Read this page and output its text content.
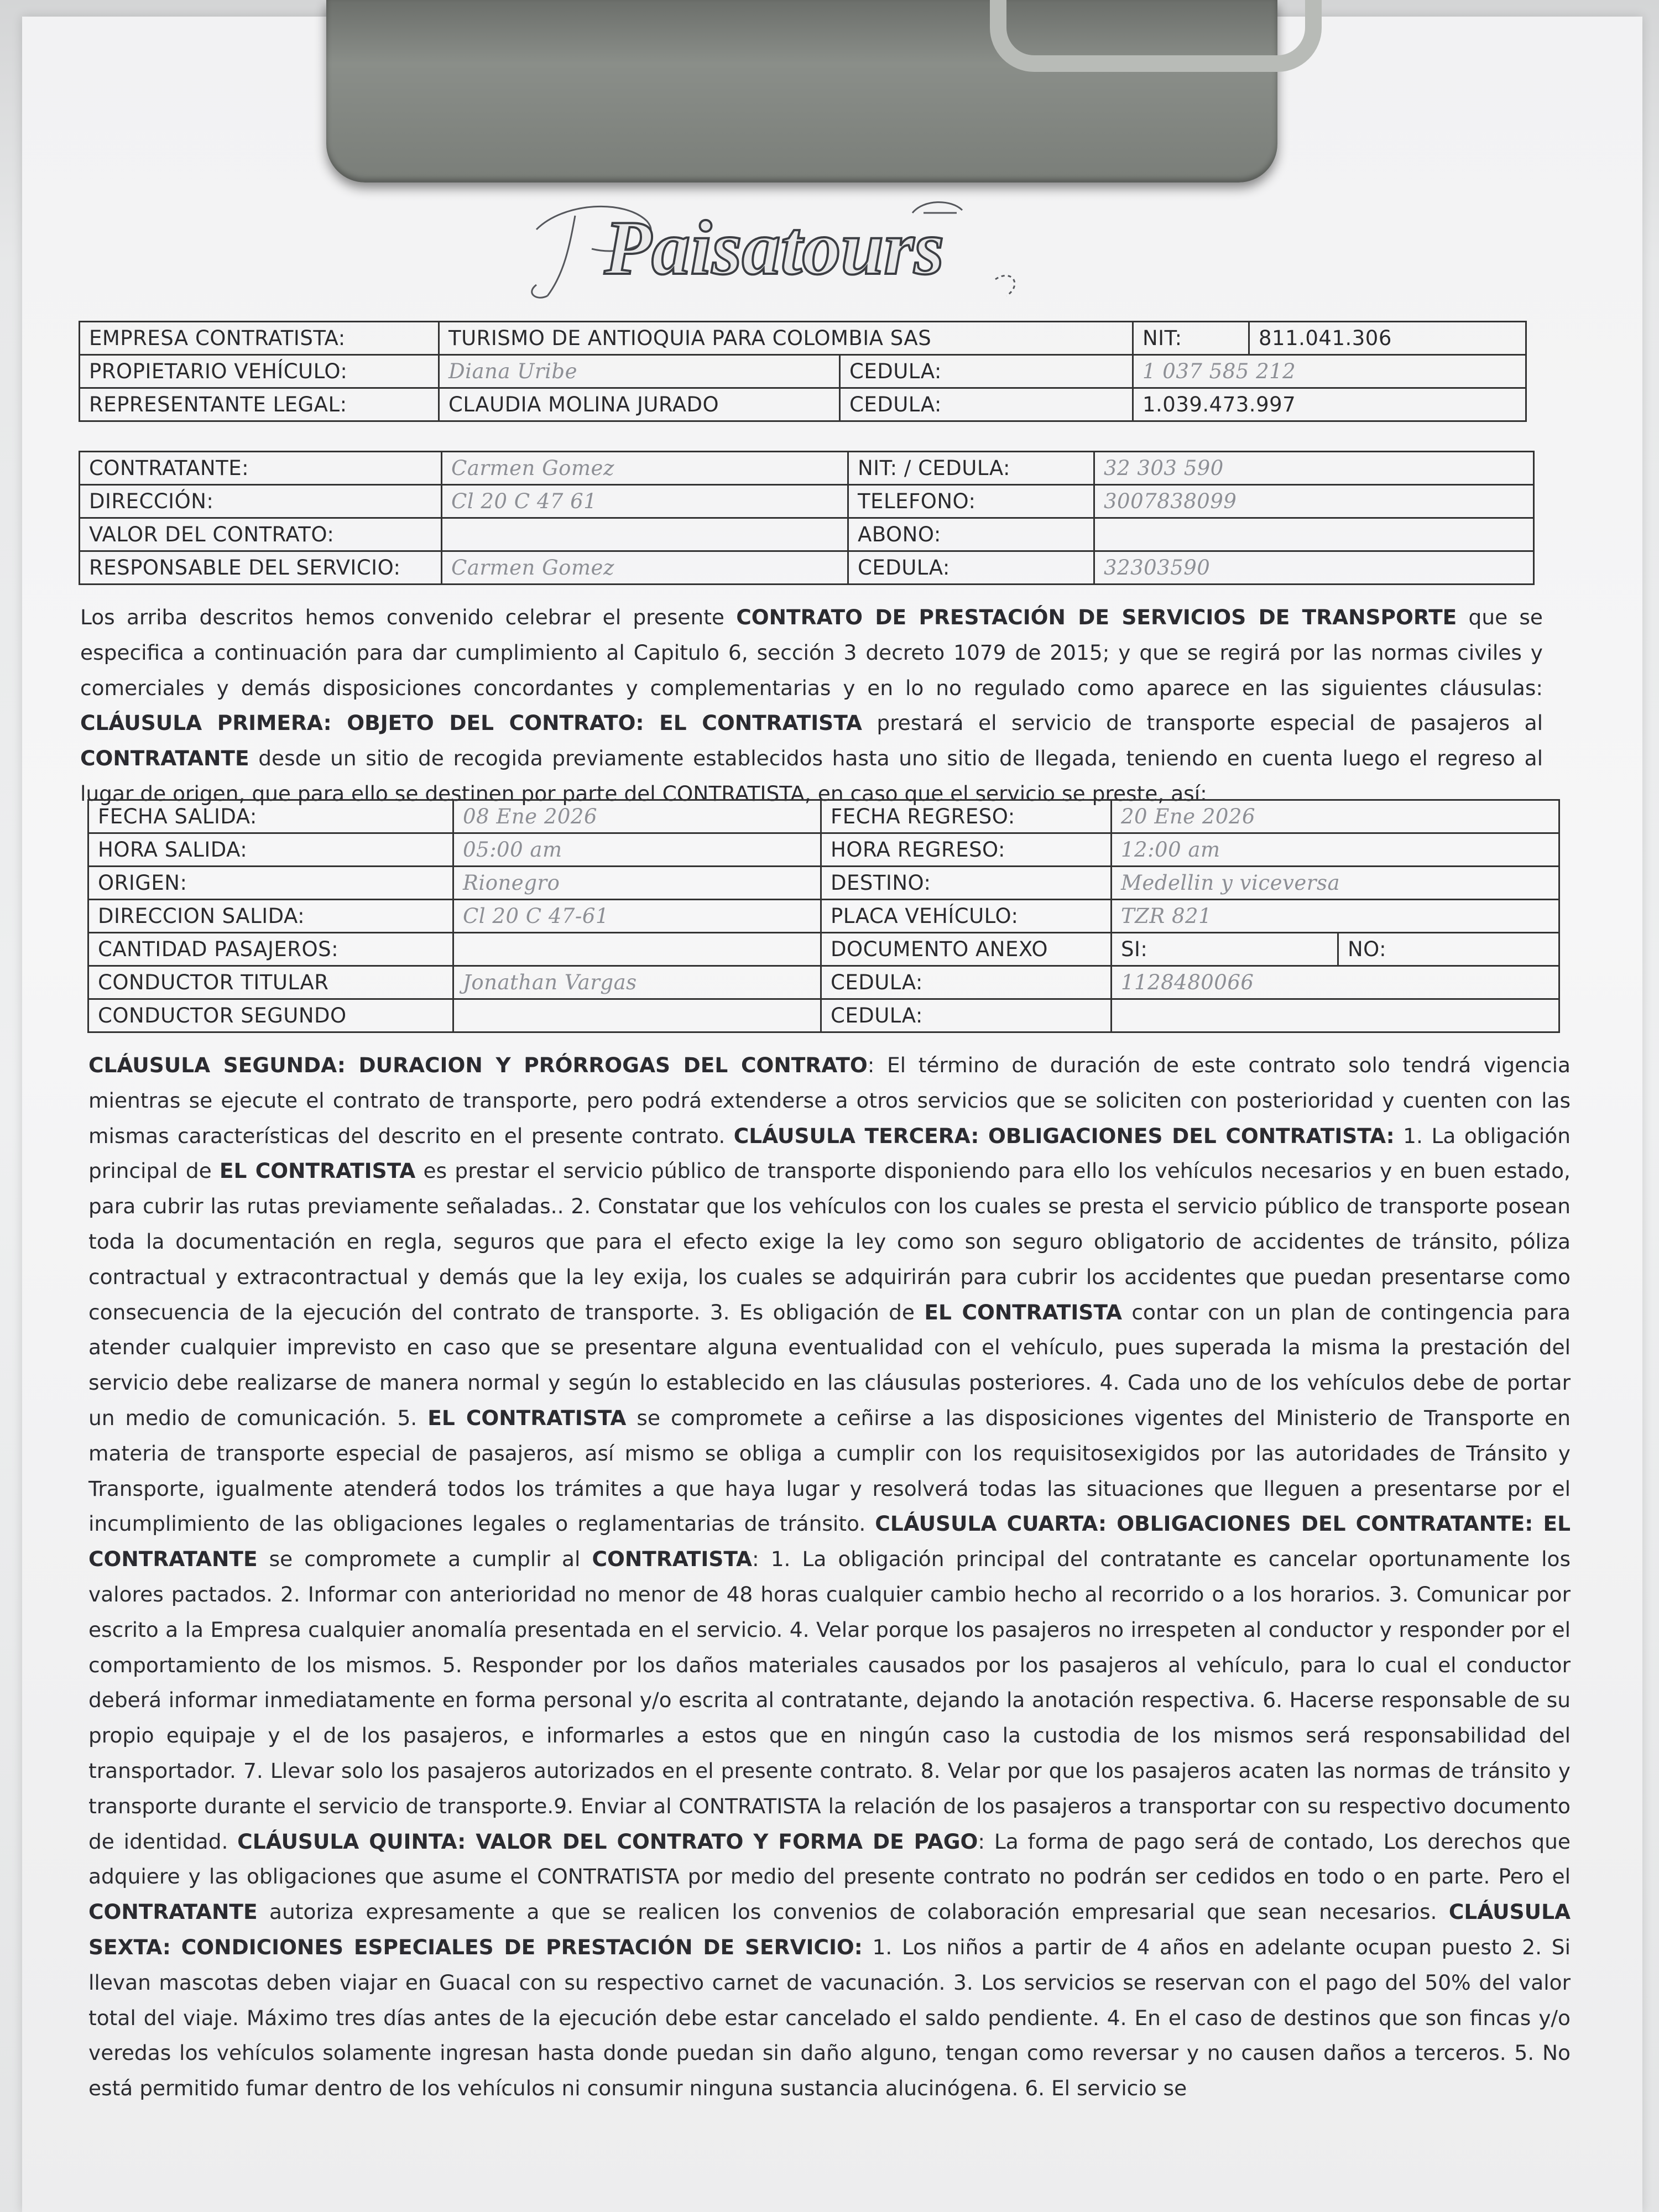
Paisatours
EMPRESA CONTRATISTA:	TURISMO DE ANTIOQUIA PARA COLOMBIA SAS		NIT:	811.041.306
PROPIETARIO VEHÍCULO:	Diana Uribe	CEDULA:	1 037 585 212	
REPRESENTANTE LEGAL:	CLAUDIA MOLINA JURADO	CEDULA:	1.039.473.997	
CONTRATANTE:	Carmen Gomez	NIT: / CEDULA:	32 303 590
DIRECCIÓN:	Cl 20 C 47 61	TELEFONO:	3007838099
VALOR DEL CONTRATO:		ABONO:	
RESPONSABLE DEL SERVICIO:	Carmen Gomez	CEDULA:	32303590
Los arriba descritos hemos convenido celebrar el presente CONTRATO DE PRESTACIÓN DE SERVICIOS DE TRANSPORTE que se especifica a continuación para dar cumplimiento al Capitulo 6, sección 3 decreto 1079 de 2015; y que se regirá por las normas civiles y comerciales y demás disposiciones concordantes y complementarias y en lo no regulado como aparece en las siguientes cláusulas: CLÁUSULA PRIMERA: OBJETO DEL CONTRATO: EL CONTRATISTA prestará el servicio de transporte especial de pasajeros al CONTRATANTE desde un sitio de recogida previamente establecidos hasta uno sitio de llegada, teniendo en cuenta luego el regreso al lugar de origen, que para ello se destinen por parte del CONTRATISTA, en caso que el servicio se preste, así:
FECHA SALIDA:	08 Ene 2026	FECHA REGRESO:	20 Ene 2026	
HORA SALIDA:	05:00 am	HORA REGRESO:	12:00 am	
ORIGEN:	Rionegro	DESTINO:	Medellin y viceversa	
DIRECCION SALIDA:	Cl 20 C 47-61	PLACA VEHÍCULO:	TZR 821	
CANTIDAD PASAJEROS:		DOCUMENTO ANEXO	SI:	NO:
CONDUCTOR TITULAR	Jonathan Vargas	CEDULA:	1128480066	
CONDUCTOR SEGUNDO		CEDULA:		
CLÁUSULA SEGUNDA: DURACION Y PRÓRROGAS DEL CONTRATO: El término de duración de este contrato solo tendrá vigencia mientras se ejecute el contrato de transporte, pero podrá extenderse a otros servicios que se soliciten con posterioridad y cuenten con las mismas características del descrito en el presente contrato. CLÁUSULA TERCERA: OBLIGACIONES DEL CONTRATISTA: 1. La obligación principal de EL CONTRATISTA es prestar el servicio público de transporte disponiendo para ello los vehículos necesarios y en buen estado, para cubrir las rutas previamente señaladas.. 2. Constatar que los vehículos con los cuales se presta el servicio público de transporte posean toda la documentación en regla, seguros que para el efecto exige la ley como son seguro obligatorio de accidentes de tránsito, póliza contractual y extracontractual y demás que la ley exija, los cuales se adquirirán para cubrir los accidentes que puedan presentarse como consecuencia de la ejecución del contrato de transporte. 3. Es obligación de EL CONTRATISTA contar con un plan de contingencia para atender cualquier imprevisto en caso que se presentare alguna eventualidad con el vehículo, pues superada la misma la prestación del servicio debe realizarse de manera normal y según lo establecido en las cláusulas posteriores. 4. Cada uno de los vehículos debe de portar un medio de comunicación. 5. EL CONTRATISTA se compromete a ceñirse a las disposiciones vigentes del Ministerio de Transporte en materia de transporte especial de pasajeros, así mismo se obliga a cumplir con los requisitosexigidos por las autoridades de Tránsito y Transporte, igualmente atenderá todos los trámites a que haya lugar y resolverá todas las situaciones que lleguen a presentarse por el incumplimiento de las obligaciones legales o reglamentarias de tránsito. CLÁUSULA CUARTA: OBLIGACIONES DEL CONTRATANTE: EL CONTRATANTE se compromete a cumplir al CONTRATISTA: 1. La obligación principal del contratante es cancelar oportunamente los valores pactados. 2. Informar con anterioridad no menor de 48 horas cualquier cambio hecho al recorrido o a los horarios. 3. Comunicar por escrito a la Empresa cualquier anomalía presentada en el servicio. 4. Velar porque los pasajeros no irrespeten al conductor y responder por el comportamiento de los mismos. 5. Responder por los daños materiales causados por los pasajeros al vehículo, para lo cual el conductor deberá informar inmediatamente en forma personal y/o escrita al contratante, dejando la anotación respectiva. 6. Hacerse responsable de su propio equipaje y el de los pasajeros, e informarles a estos que en ningún caso la custodia de los mismos será responsabilidad del transportador. 7. Llevar solo los pasajeros autorizados en el presente contrato. 8. Velar por que los pasajeros acaten las normas de tránsito y transporte durante el servicio de transporte.9. Enviar al CONTRATISTA la relación de los pasajeros a transportar con su respectivo documento de identidad. CLÁUSULA QUINTA: VALOR DEL CONTRATO Y FORMA DE PAGO: La forma de pago será de contado, Los derechos que adquiere y las obligaciones que asume el CONTRATISTA por medio del presente contrato no podrán ser cedidos en todo o en parte. Pero el CONTRATANTE autoriza expresamente a que se realicen los convenios de colaboración empresarial que sean necesarios. CLÁUSULA SEXTA: CONDICIONES ESPECIALES DE PRESTACIÓN DE SERVICIO: 1. Los niños a partir de 4 años en adelante ocupan puesto 2. Si llevan mascotas deben viajar en Guacal con su respectivo carnet de vacunación. 3. Los servicios se reservan con el pago del 50% del valor total del viaje. Máximo tres días antes de la ejecución debe estar cancelado el saldo pendiente. 4. En el caso de destinos que son fincas y/o veredas los vehículos solamente ingresan hasta donde puedan sin daño alguno, tengan como reversar y no causen daños a terceros. 5. No está permitido fumar dentro de los vehículos ni consumir ninguna sustancia alucinógena. 6. El servicio se
